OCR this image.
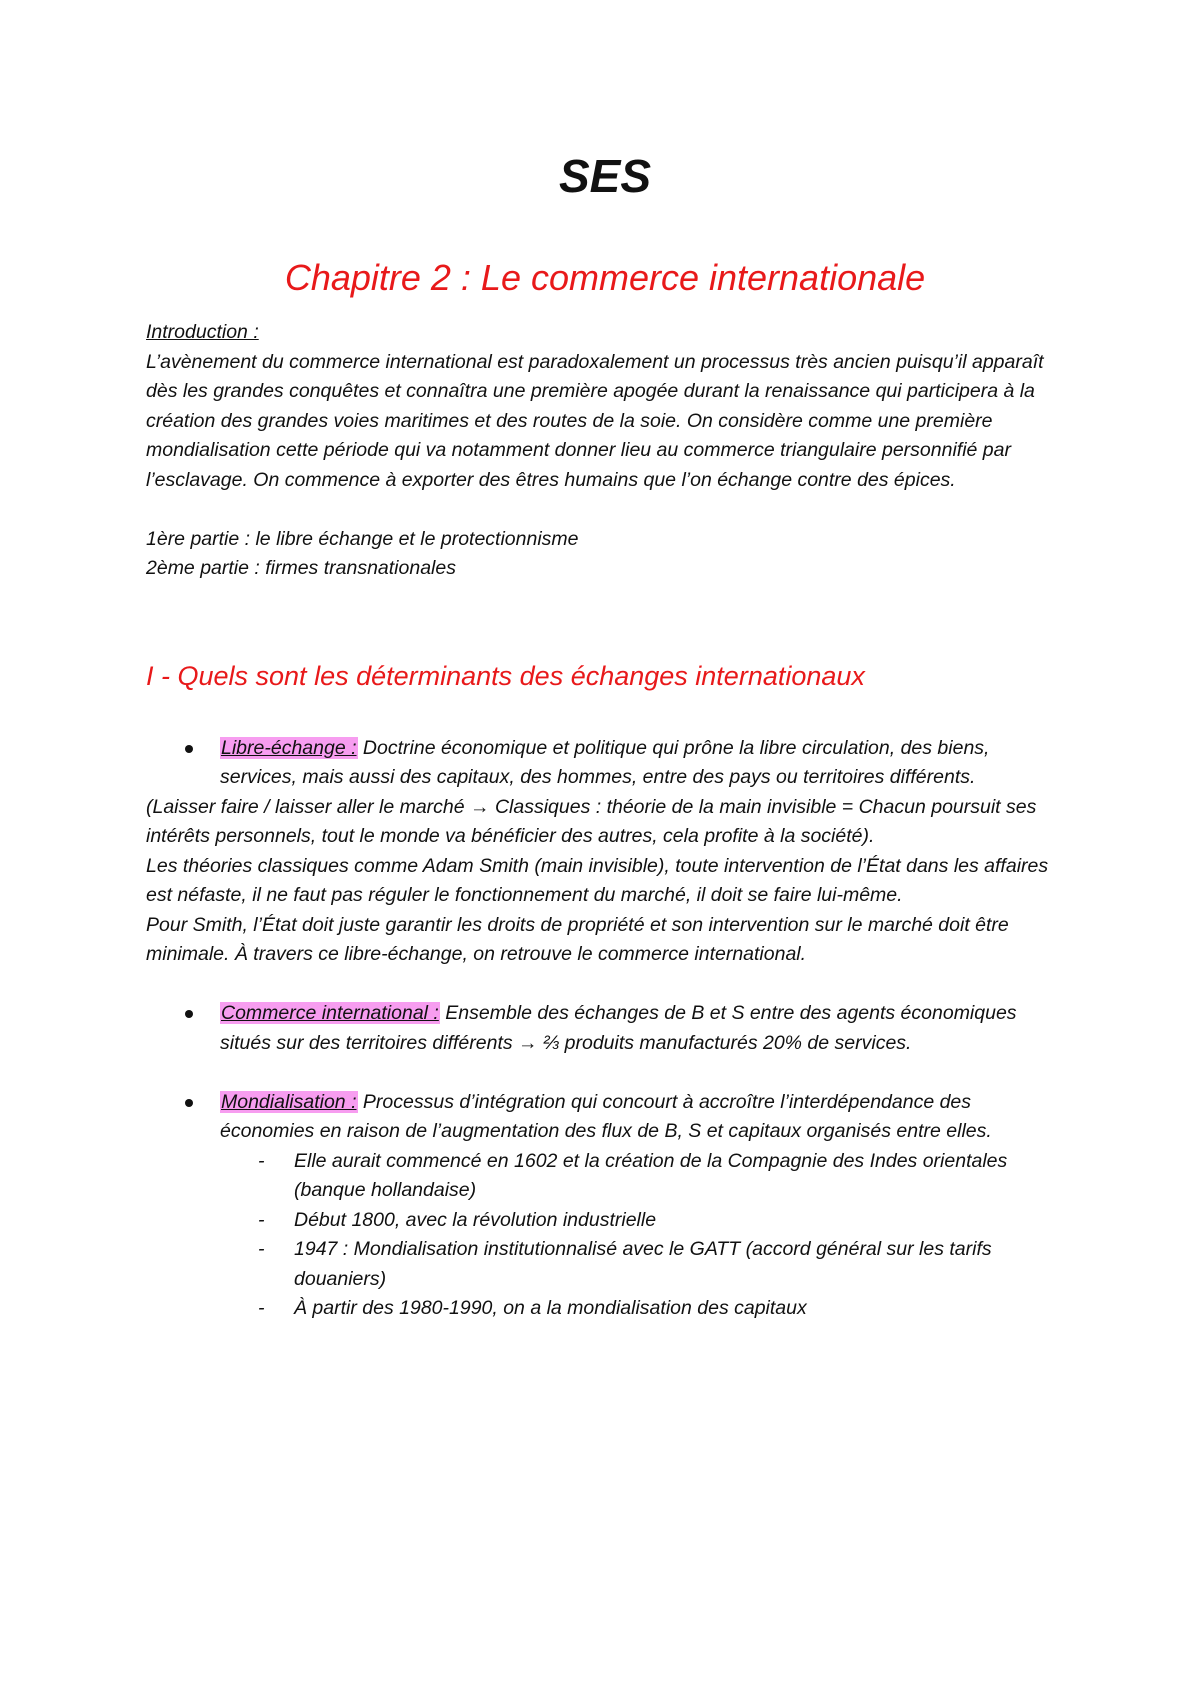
SES
Chapitre 2 : Le commerce internationale

Introduction :

L’avènement du commerce international est paradoxalement un processus très ancien puisqu’il apparaît dès les grandes conquêtes et connaîtra une première apogée durant la renaissance qui participera à la création des grandes voies maritimes et des routes de la soie. On considère comme une première mondialisation cette période qui va notamment donner lieu au commerce triangulaire personnifié par l’esclavage. On commence à exporter des êtres humains que l’on échange contre des épices.

1ère partie : le libre échange et le protectionnisme

2ème partie : firmes transnationales

I - Quels sont les déterminants des échanges internationaux
Libre-échange : Doctrine économique et politique qui prône la libre circulation, des biens, services, mais aussi des capitaux, des hommes, entre des pays ou territoires différents.

(Laisser faire / laisser aller le marché → Classiques : théorie de la main invisible = Chacun poursuit ses intérêts personnels, tout le monde va bénéficier des autres, cela profite à la société).

Les théories classiques comme Adam Smith (main invisible), toute intervention de l’État dans les affaires est néfaste, il ne faut pas réguler le fonctionnement du marché, il doit se faire lui-même.

Pour Smith, l’État doit juste garantir les droits de propriété et son intervention sur le marché doit être minimale. À travers ce libre-échange, on retrouve le commerce international.

Commerce international : Ensemble des échanges de B et S entre des agents économiques situés sur des territoires différents → ⅔ produits manufacturés 20% de services.
Mondialisation : Processus d’intégration qui concourt à accroître l’interdépendance des économies en raison de l’augmentation des flux de B, S et capitaux organisés entre elles.
- Elle aurait commencé en 1602 et la création de la Compagnie des Indes orientales (banque hollandaise)
- Début 1800, avec la révolution industrielle
- 1947 : Mondialisation institutionnalisé avec le GATT (accord général sur les tarifs douaniers)
- À partir des 1980-1990, on a la mondialisation des capitaux
